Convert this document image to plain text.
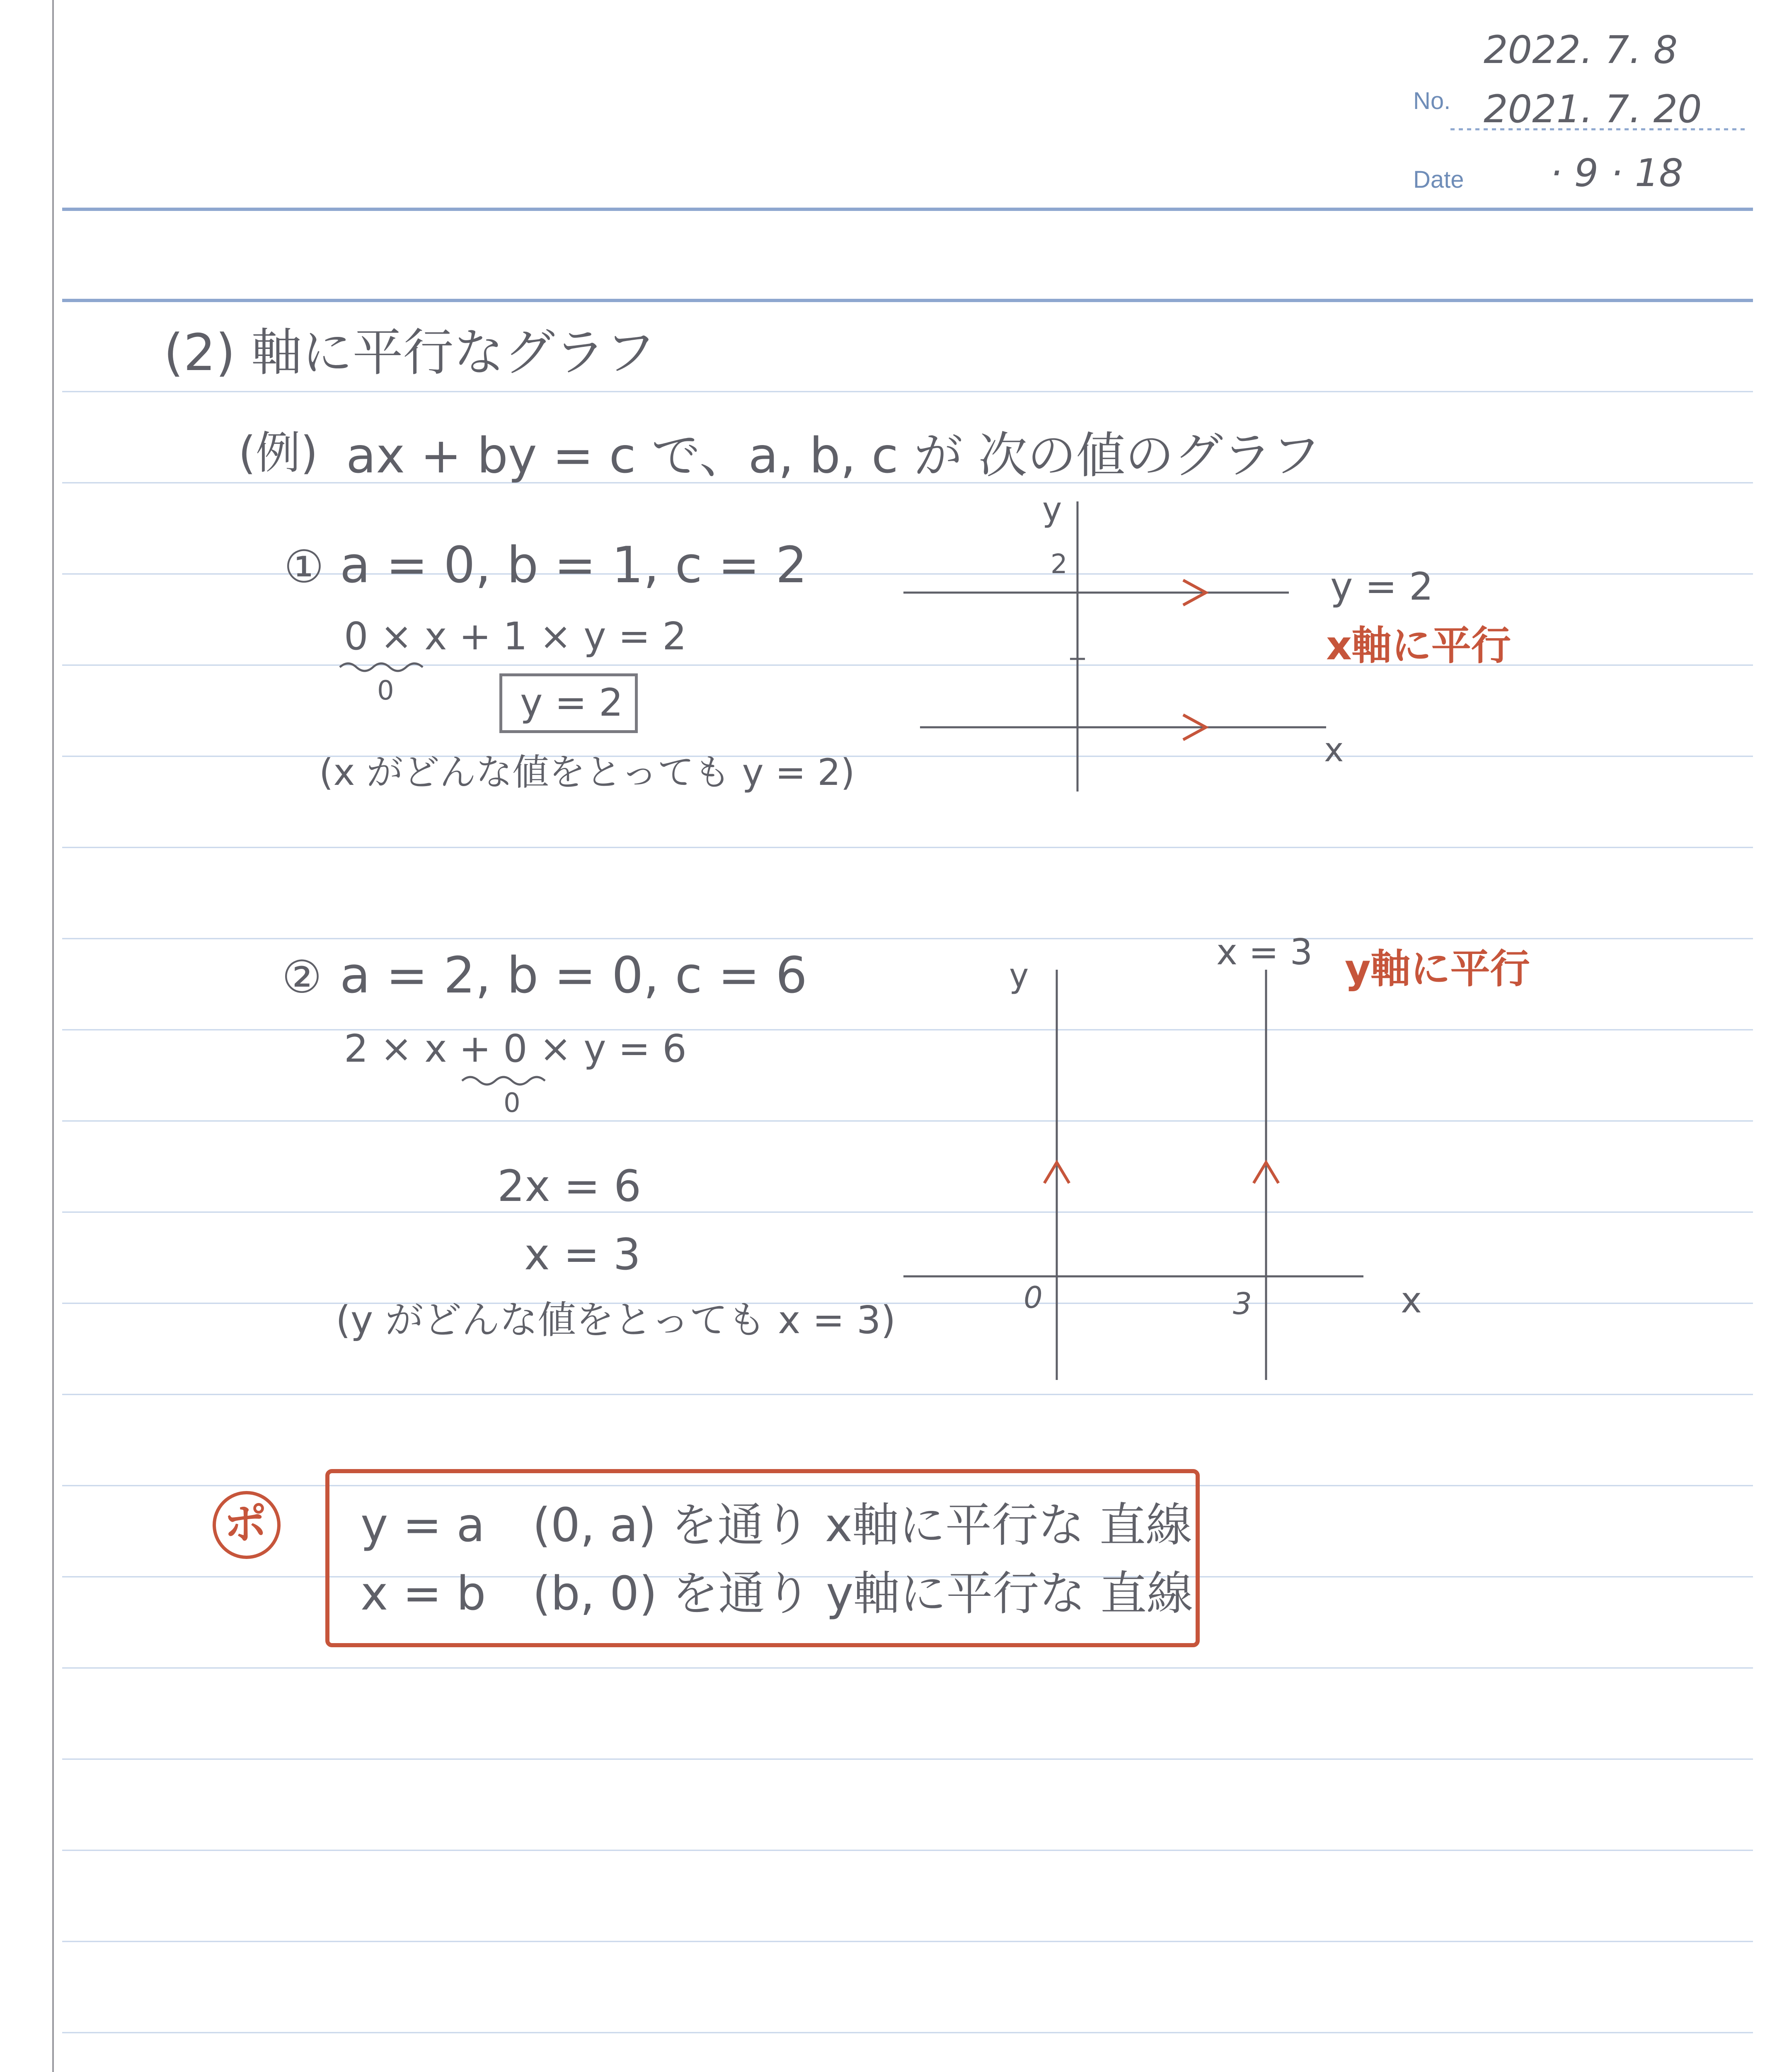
No.
Date
2022. 7. 8
2021. 7. 20
· 9 · 18
(2) 軸に平行なグラフ
(例) ax + by = c で、a, b, c が 次の値のグラフ
① a = 0, b = 1, c = 2
0 × x + 1 × y = 2
0	y = 2
(x がどんな値をとっても y = 2)
y
2
x
y = 2
x軸に平行
② a = 2, b = 0, c = 6
2 × x + 0 × y = 6
0
2x = 6
x = 3
(y がどんな値をとっても x = 3)
y
x = 3 y軸に平行
0	3	x
ポ y = a (0, a) を通り x軸に平行な 直線
x = b (b, 0) を通り y軸に平行な 直線
